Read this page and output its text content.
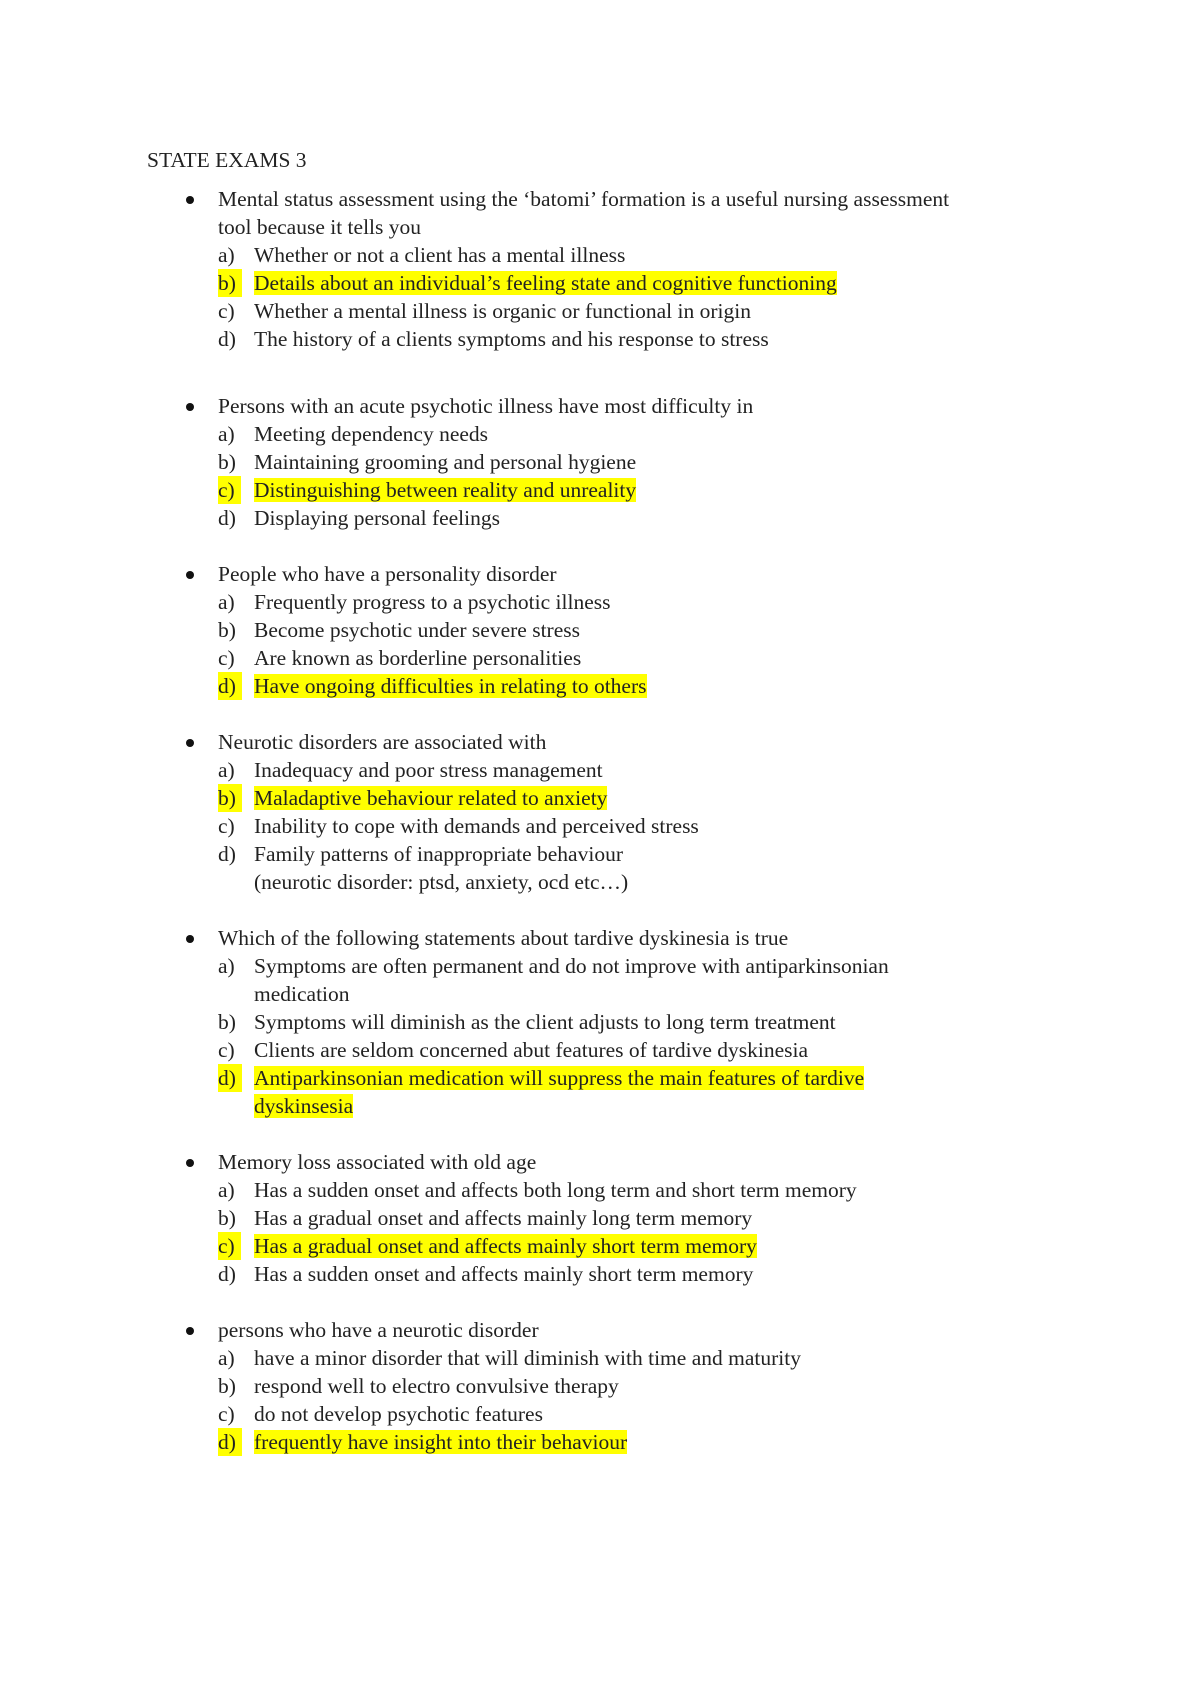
STATE EXAMS 3
Mental status assessment using the ‘batomi’ formation is a useful nursing assessment
tool because it tells you
a) Whether or not a client has a mental illness
b) Details about an individual’s feeling state and cognitive functioning
c) Whether a mental illness is organic or functional in origin
d) The history of a clients symptoms and his response to stress
Persons with an acute psychotic illness have most difficulty in
a) Meeting dependency needs
b) Maintaining grooming and personal hygiene
c) Distinguishing between reality and unreality
d) Displaying personal feelings
People who have a personality disorder
a) Frequently progress to a psychotic illness
b) Become psychotic under severe stress
c) Are known as borderline personalities
d) Have ongoing difficulties in relating to others
Neurotic disorders are associated with
a) Inadequacy and poor stress management
b) Maladaptive behaviour related to anxiety
c) Inability to cope with demands and perceived stress
d) Family patterns of inappropriate behaviour
(neurotic disorder: ptsd, anxiety, ocd etc…)
Which of the following statements about tardive dyskinesia is true
a) Symptoms are often permanent and do not improve with antiparkinsonian
medication
b) Symptoms will diminish as the client adjusts to long term treatment
c) Clients are seldom concerned abut features of tardive dyskinesia
d) Antiparkinsonian medication will suppress the main features of tardive
dyskinsesia
Memory loss associated with old age
a) Has a sudden onset and affects both long term and short term memory
b) Has a gradual onset and affects mainly long term memory
c) Has a gradual onset and affects mainly short term memory
d) Has a sudden onset and affects mainly short term memory
persons who have a neurotic disorder
a) have a minor disorder that will diminish with time and maturity
b) respond well to electro convulsive therapy
c) do not develop psychotic features
d) frequently have insight into their behaviour
